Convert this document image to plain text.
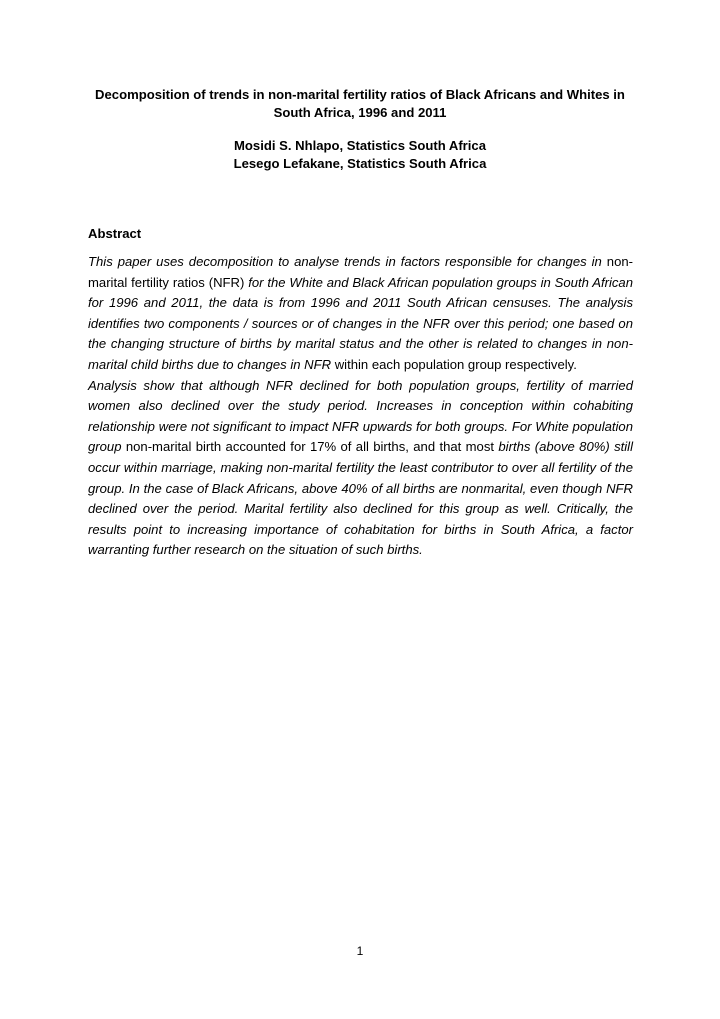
Decomposition of trends in non-marital fertility ratios of Black Africans and Whites in
South Africa, 1996 and 2011
Mosidi S. Nhlapo, Statistics South Africa
Lesego Lefakane, Statistics South Africa
Abstract

This paper uses decomposition to analyse trends in factors responsible for changes in non-marital fertility ratios (NFR) for the White and Black African population groups in South African for 1996 and 2011, the data is from 1996 and 2011 South African censuses. The analysis identifies two components / sources or of changes in the NFR over this period; one based on the changing structure of births by marital status and the other is related to changes in non-marital child births due to changes in NFR within each population group respectively.

Analysis show that although NFR declined for both population groups, fertility of married women also declined over the study period. Increases in conception within cohabiting relationship were not significant to impact NFR upwards for both groups. For White population group non-marital birth accounted for 17% of all births, and that most births (above 80%) still occur within marriage, making non-marital fertility the least contributor to over all fertility of the group. In the case of Black Africans, above 40% of all births are nonmarital, even though NFR declined over the period. Marital fertility also declined for this group as well. Critically, the results point to increasing importance of cohabitation for births in South Africa, a factor warranting further research on the situation of such births.

1
